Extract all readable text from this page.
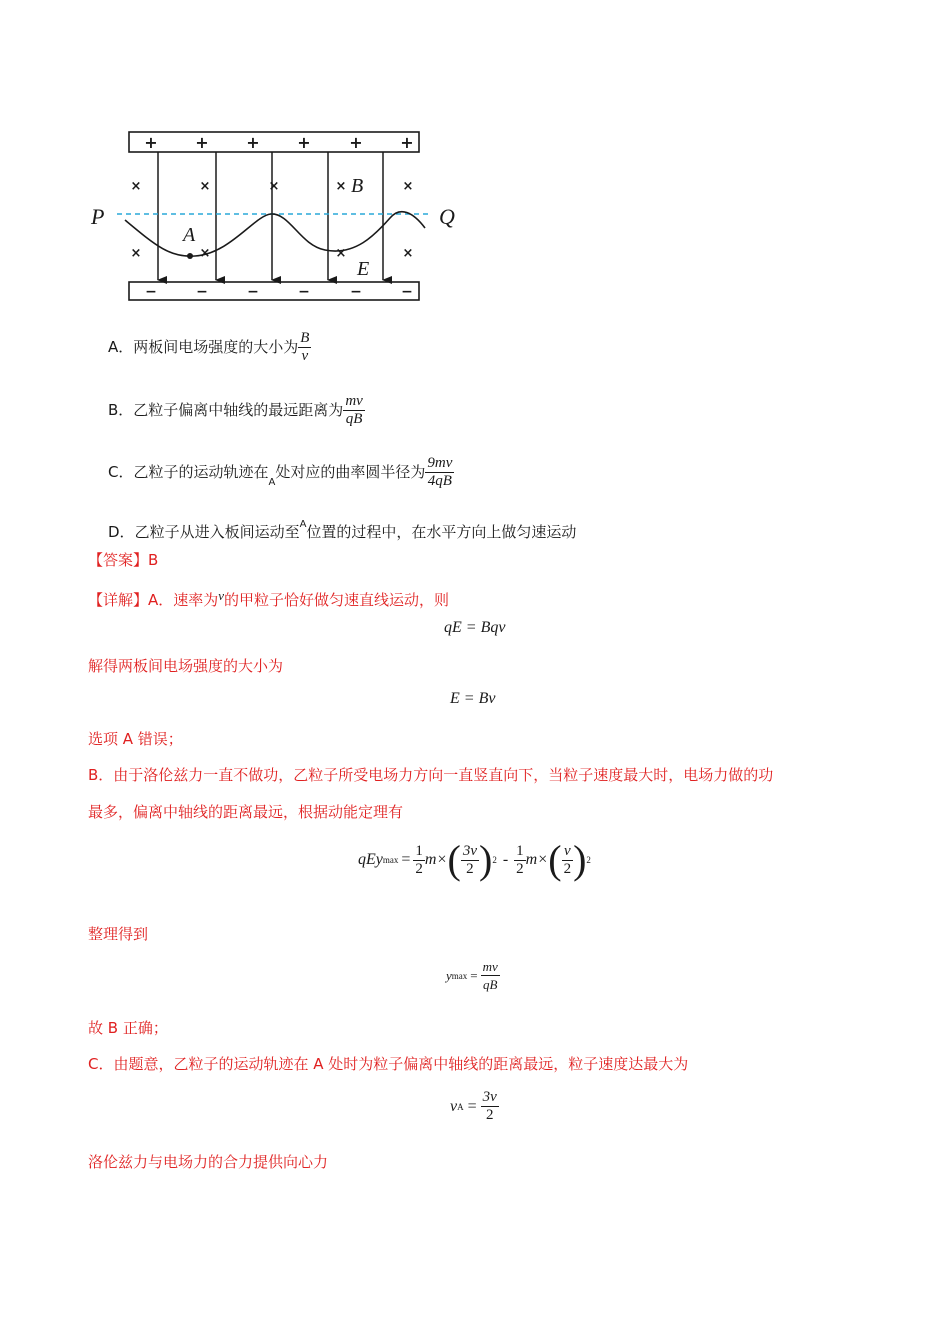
+ + + + + +
−	−	−	−	−	−
×	×	×	×	×
×	×	×	×
P	Q
A
B
E
A．两板间电场强度的大小为 $\frac{B}{v}$
B．乙粒子偏离中轴线的最远距离为 $\frac{mv}{qB}$
C．乙粒子的运动轨迹在$_A$处对应的曲率圆半径为 $\frac{9mv}{4qB}$
D．乙粒子从进入板间运动至$^A$位置的过程中，在水平方向上做匀速运动
【答案】B
【详解】A．速率为v的甲粒子恰好做匀速直线运动，则
qE = Bqv
解得两板间电场强度的大小为
E = Bv
选项 A 错误；
B．由于洛伦兹力一直不做功，乙粒子所受电场力方向一直竖直向下，当粒子速度最大时，电场力做的功
最多，偏离中轴线的距离最远，根据动能定理有
qEy $\max = \frac{1}{2}$ m × ( $\frac{3v}{2}$ ) $2 - \frac{1}{2}$ m × ( $\frac{v}{2}$ ) 2
整理得到
y $\max = \frac{mv}{qB}$
故 B 正确；
C．由题意，乙粒子的运动轨迹在 A 处时为粒子偏离中轴线的距离最远，粒子速度达最大为
v $A = \frac{3v}{2}$
洛伦兹力与电场力的合力提供向心力
